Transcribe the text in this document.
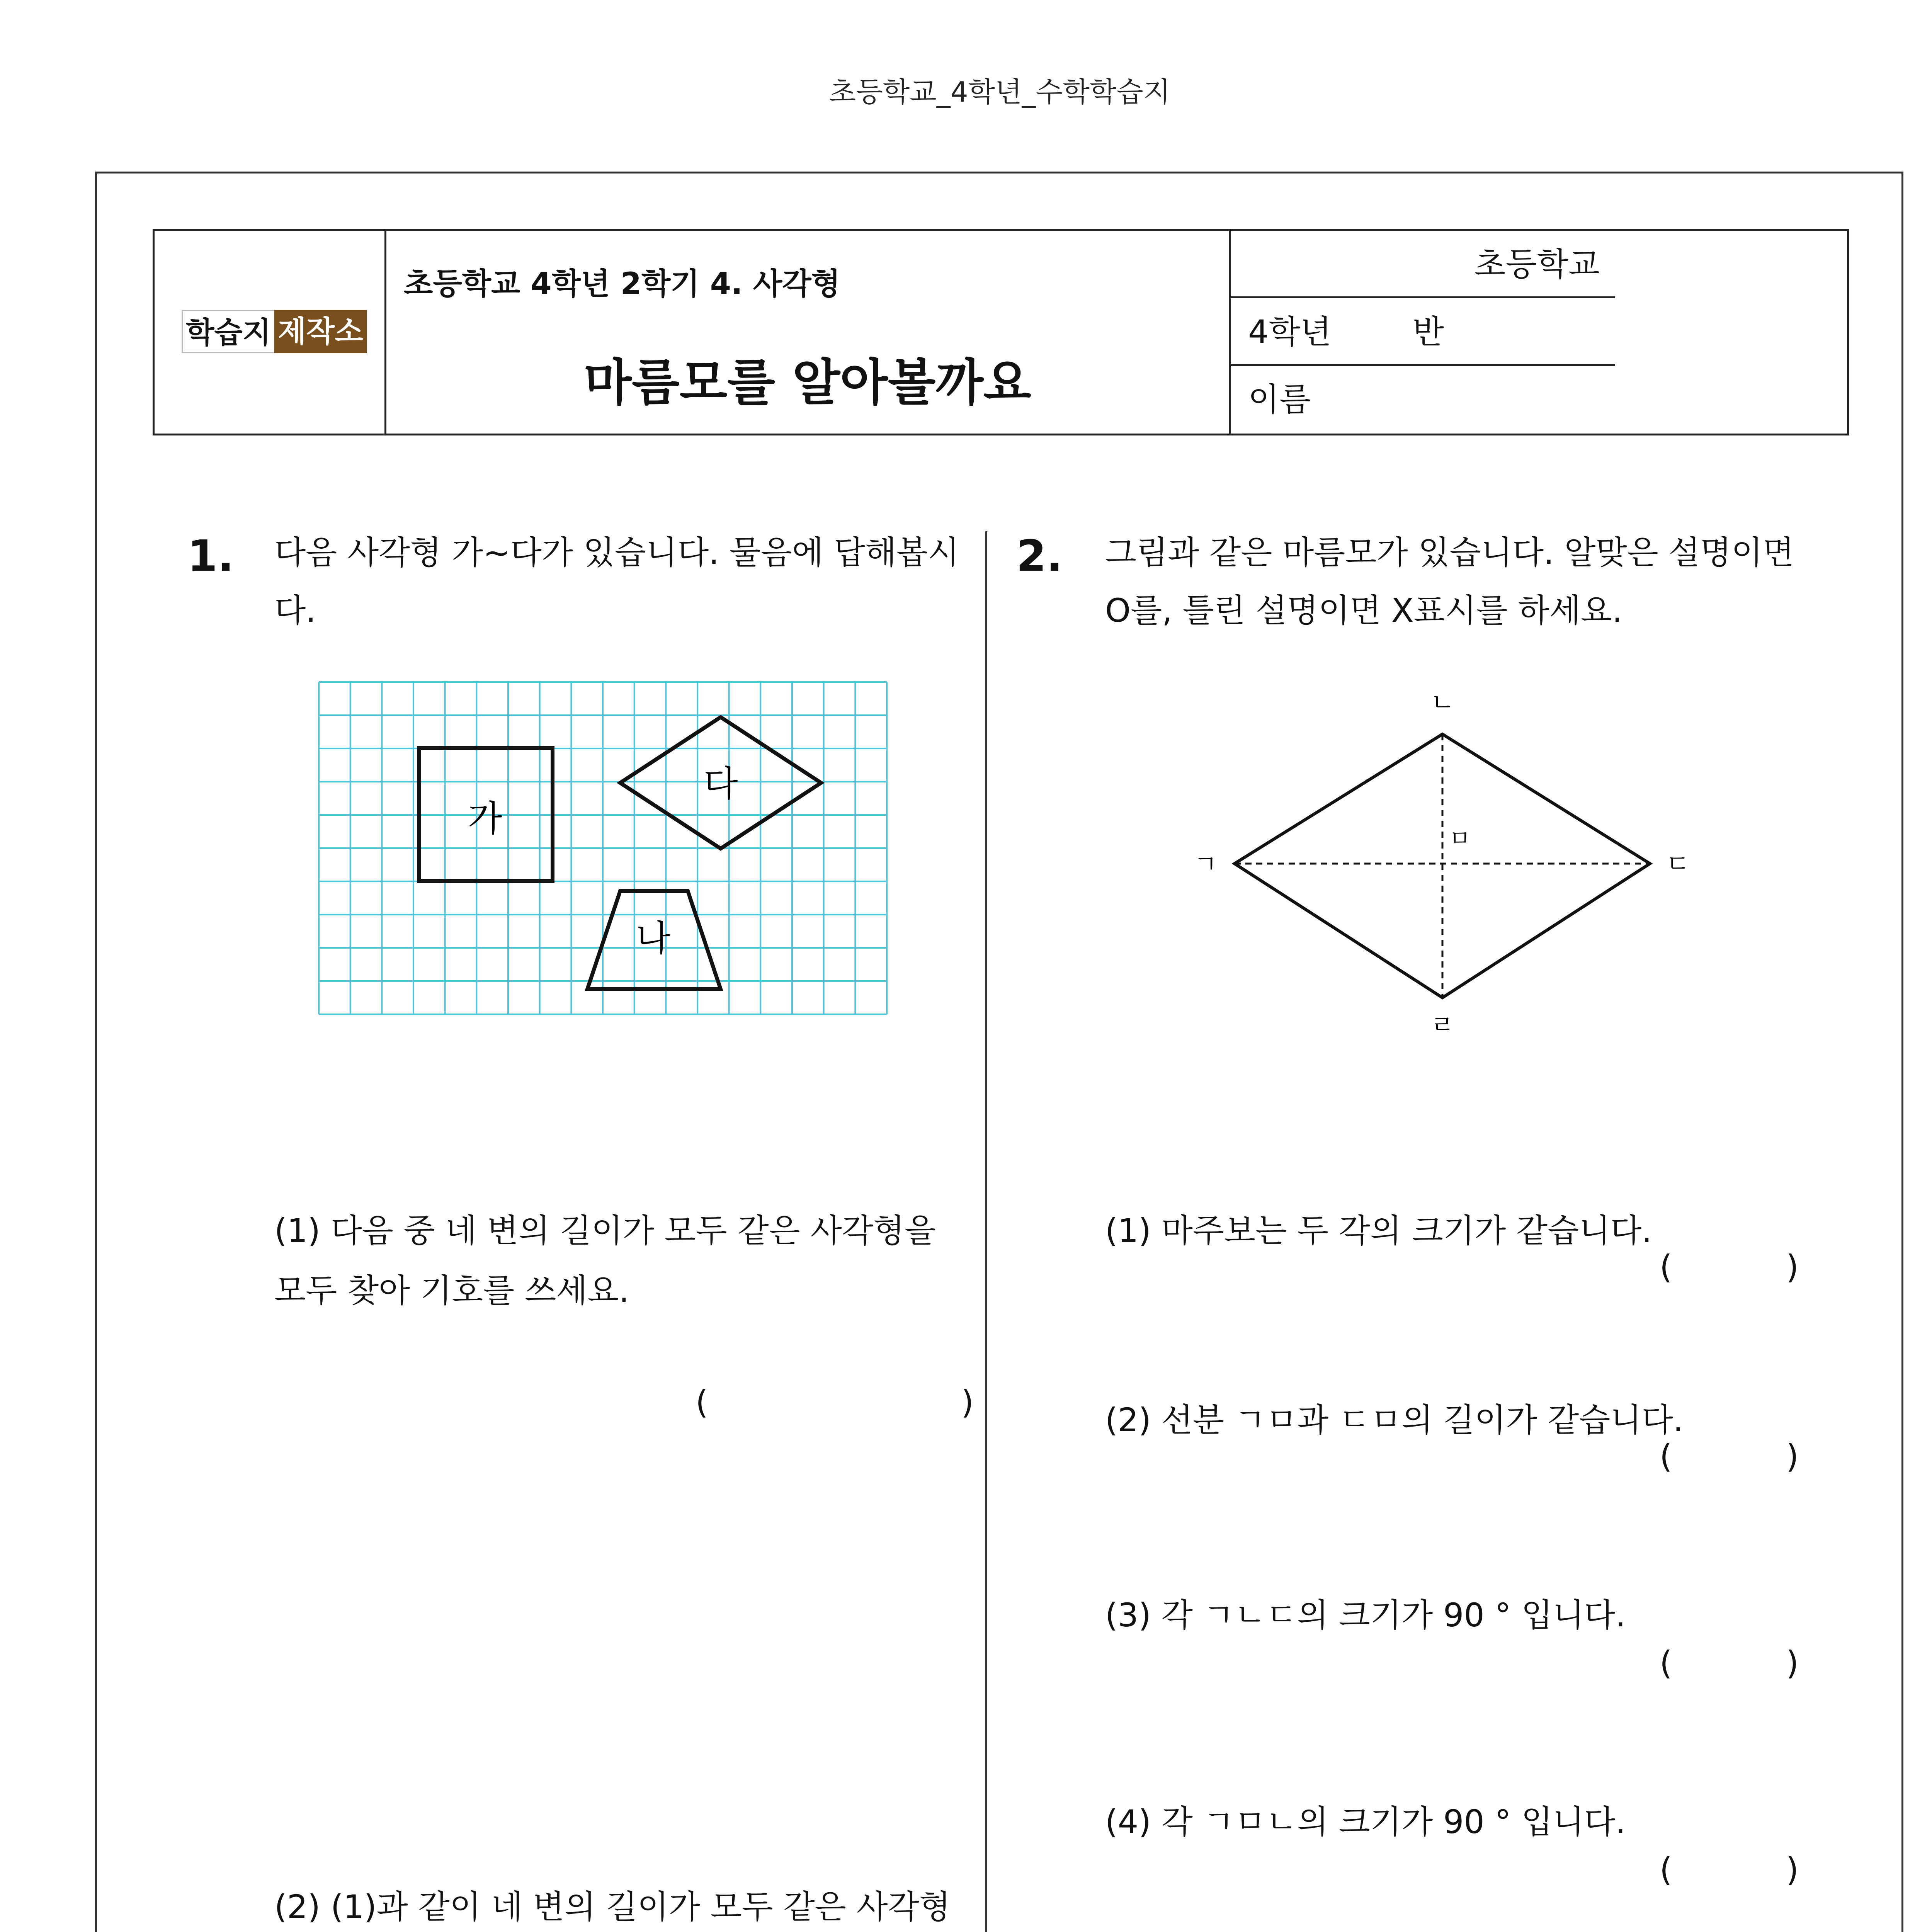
초등학교_4학년_수학학습지
학습지 제작소
초등학교 4학년 2학기 4. 사각형
마름모를 알아볼까요
초등학교
4학년	반
이름
1. 다음 사각형 가~다가 있습니다. 물음에 답해봅시
다.
가
다
나
(1) 다음 중 네 변의 길이가 모두 같은 사각형을
모두 찾아 기호를 쓰세요.
(	)
(2) (1)과 같이 네 변의 길이가 모두 같은 사각형
2. 그림과 같은 마름모가 있습니다. 알맞은 설명이면
O를, 틀린 설명이면 X표시를 하세요.
ㄴ
ㄱ	ㄷ
ㄹ
ㅁ
(1) 마주보는 두 각의 크기가 같습니다.
(	)
(2) 선분 ㄱㅁ과 ㄷㅁ의 길이가 같습니다.
(	)
(3) 각 ㄱㄴㄷ의 크기가 90 ° 입니다.
(	)
(4) 각 ㄱㅁㄴ의 크기가 90 ° 입니다.
(	)
